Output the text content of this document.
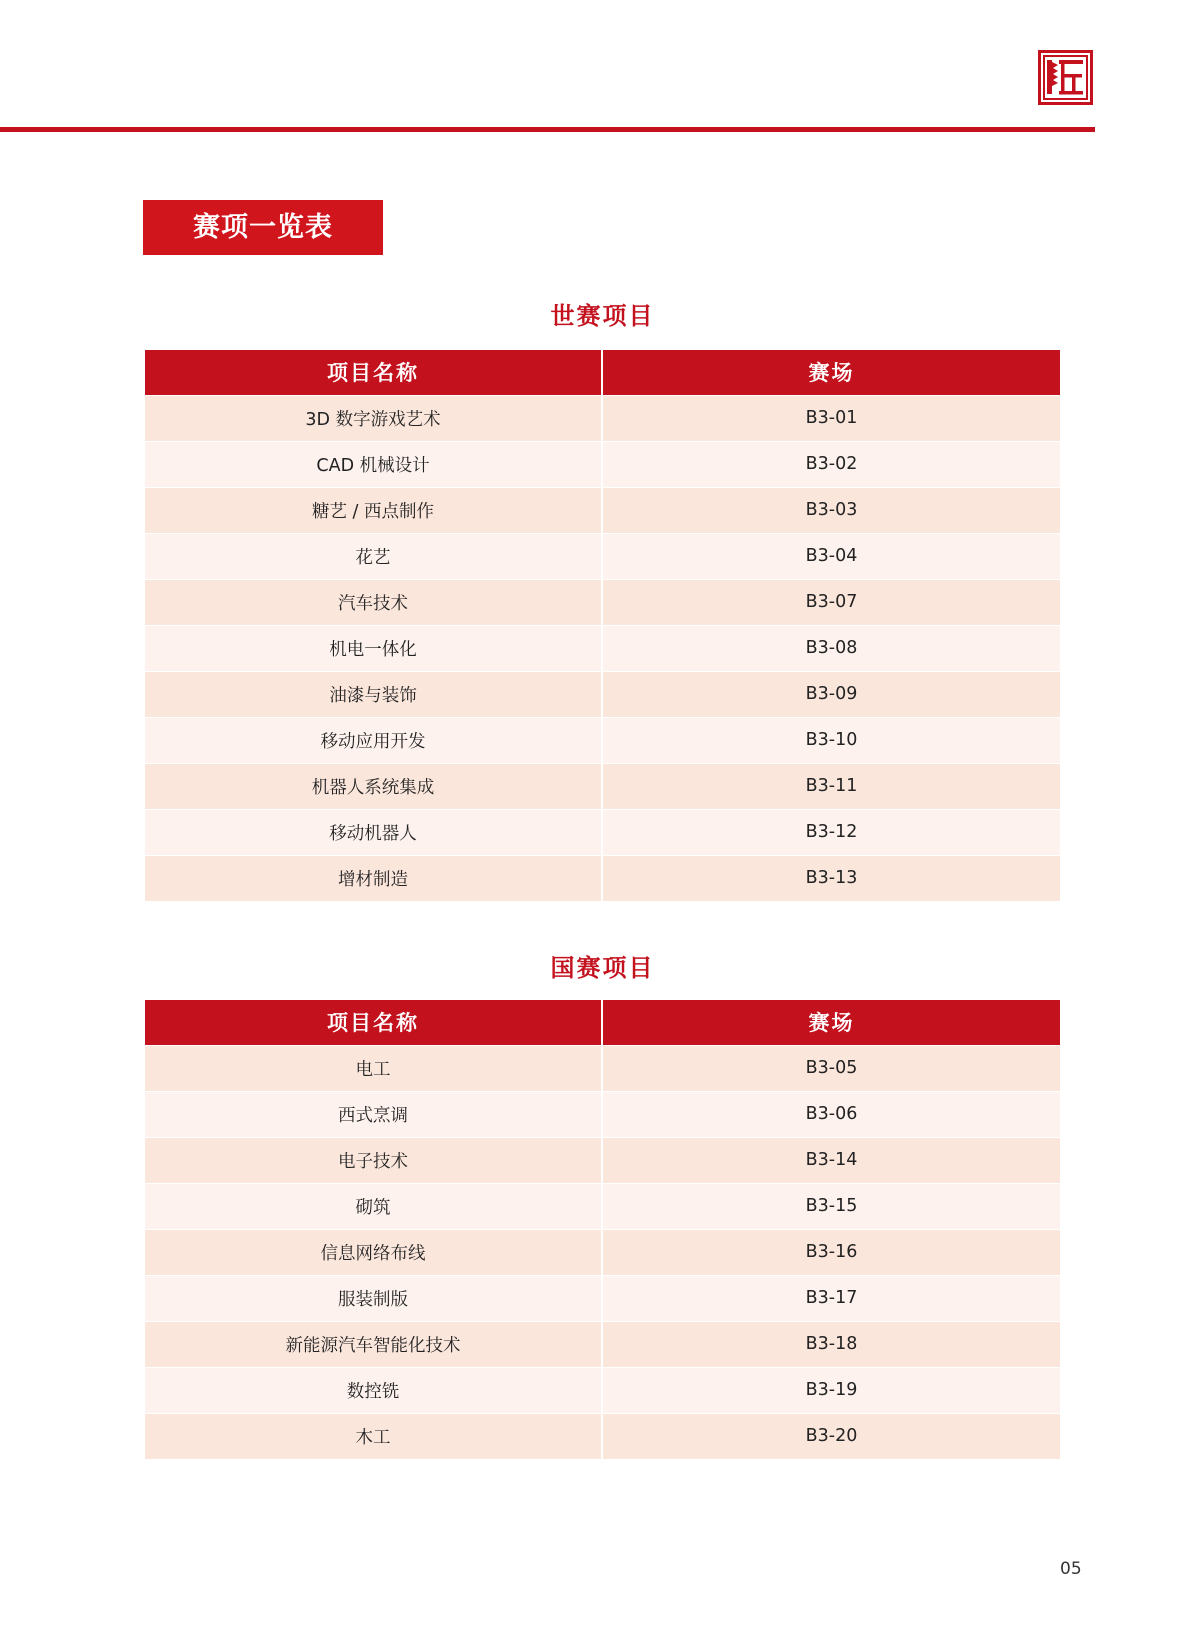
赛项一览表
世赛项目
项目名称	赛场
3D 数字游戏艺术	B3-01
CAD 机械设计	B3-02
糖艺 / 西点制作	B3-03
花艺	B3-04
汽车技术	B3-07
机电一体化	B3-08
油漆与装饰	B3-09
移动应用开发	B3-10
机器人系统集成	B3-11
移动机器人	B3-12
增材制造	B3-13
国赛项目
项目名称	赛场
电工	B3-05
西式烹调	B3-06
电子技术	B3-14
砌筑	B3-15
信息网络布线	B3-16
服装制版	B3-17
新能源汽车智能化技术	B3-18
数控铣	B3-19
木工	B3-20
05
